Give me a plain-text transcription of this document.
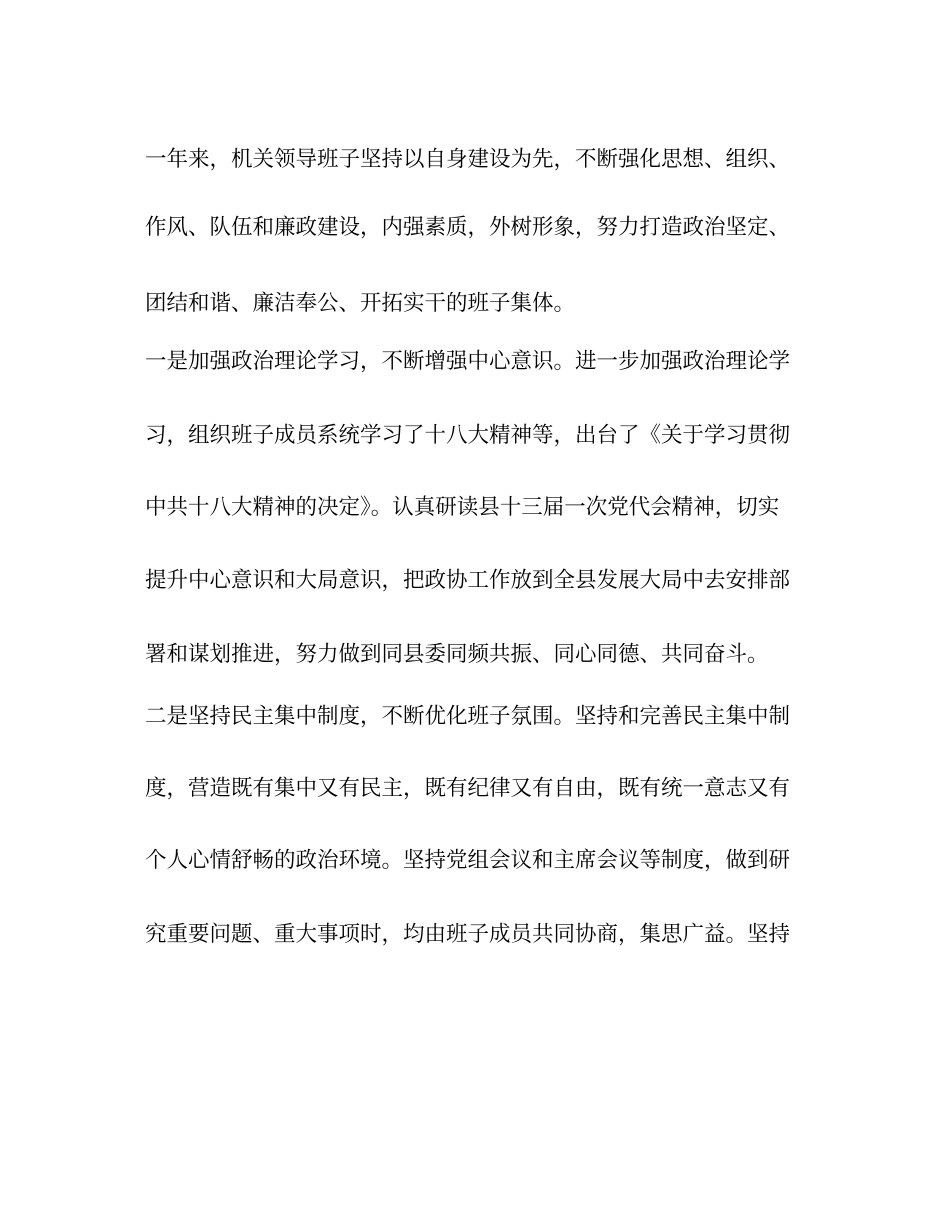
一年来，机关领导班子坚持以自身建设为先，不断强化思想、组织、
作风、队伍和廉政建设，内强素质，外树形象，努力打造政治坚定、
团结和谐、廉洁奉公、开拓实干的班子集体。
一是加强政治理论学习，不断增强中心意识。进一步加强政治理论学
习，组织班子成员系统学习了十八大精神等，出台了《关于学习贯彻
中共十八大精神的决定》。认真研读县十三届一次党代会精神，切实
提升中心意识和大局意识，把政协工作放到全县发展大局中去安排部
署和谋划推进，努力做到同县委同频共振、同心同德、共同奋斗。
二是坚持民主集中制度，不断优化班子氛围。坚持和完善民主集中制
度，营造既有集中又有民主，既有纪律又有自由，既有统一意志又有
个人心情舒畅的政治环境。坚持党组会议和主席会议等制度，做到研
究重要问题、重大事项时，均由班子成员共同协商，集思广益。坚持
